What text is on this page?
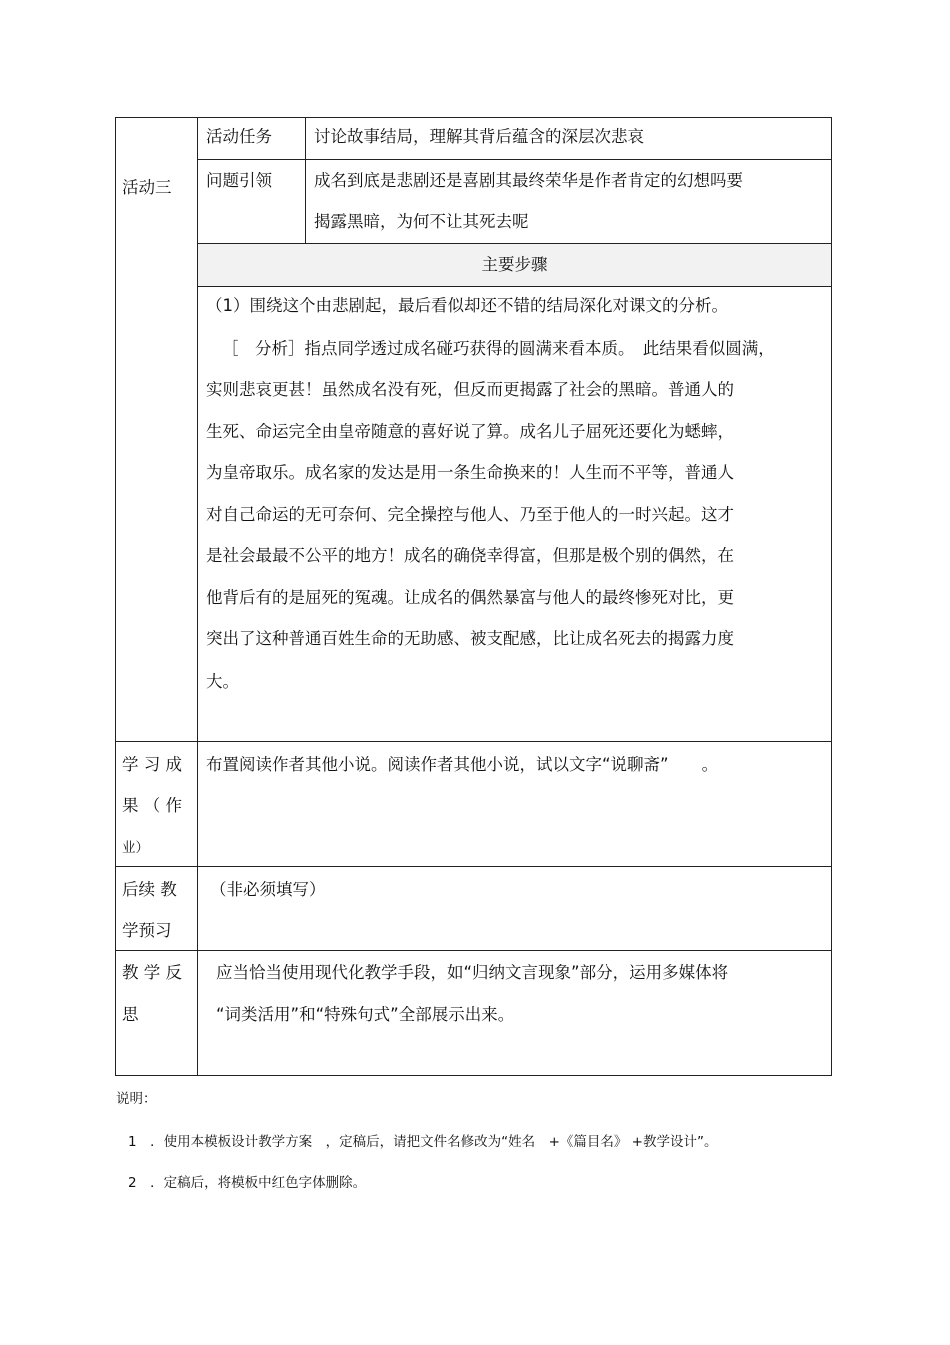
活动三
活动任务	讨论故事结局，理解其背后蕴含的深层次悲哀
问题引领	成名到底是悲剧还是喜剧其最终荣华是作者肯定的幻想吗要
揭露黑暗，为何不让其死去呢
主要步骤
（1）围绕这个由悲剧起，最后看似却还不错的结局深化对课文的分析。
［　分析］指点同学透过成名碰巧获得的圆满来看本质。　此结果看似圆满，
实则悲哀更甚！虽然成名没有死，但反而更揭露了社会的黑暗。普通人的
生死、命运完全由皇帝随意的喜好说了算。成名儿子屈死还要化为蟋蟀，
为皇帝取乐。成名家的发达是用一条生命换来的！人生而不平等，普通人
对自己命运的无可奈何、完全操控与他人、乃至于他人的一时兴起。这才
是社会最最不公平的地方！成名的确侥幸得富，但那是极个别的偶然，在
他背后有的是屈死的冤魂。让成名的偶然暴富与他人的最终惨死对比，更
突出了这种普通百姓生命的无助感、被支配感，比让成名死去的揭露力度
大。
学 习 成
果 （ 作
业）
布置阅读作者其他小说。阅读作者其他小说，试以文字“说聊斋”　　。
后续 教
学预习
（非必须填写）
教 学 反
思
应当恰当使用现代化教学手段，如“归纳文言现象”部分，运用多媒体将
“词类活用”和“特殊句式”全部展示出来。
说明：
1　．使用本模板设计教学方案　，定稿后，请把文件名修改为“姓名　+《篇目名》 +教学设计”。
2　．定稿后，将模板中红色字体删除。
